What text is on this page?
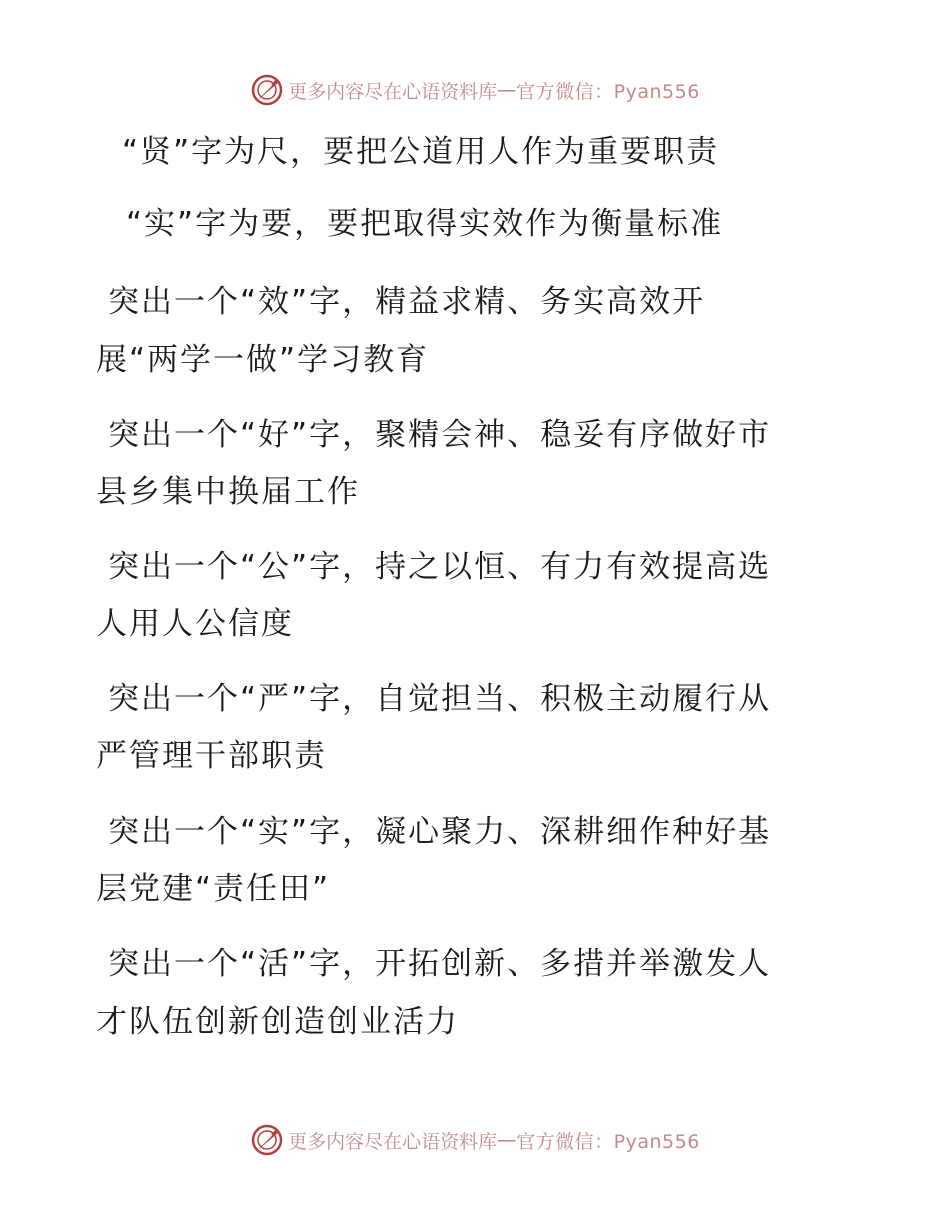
更多内容尽在心语资料库 — 官方微信：Pyan556
“贤”字为尺，要把公道用人作为重要职责
“实”字为要，要把取得实效作为衡量标准
突出一个“效”字，精益求精、务实高效开
展“两学一做”学习教育
突出一个“好”字，聚精会神、稳妥有序做好市
县乡集中换届工作
突出一个“公”字，持之以恒、有力有效提高选
人用人公信度
突出一个“严”字，自觉担当、积极主动履行从
严管理干部职责
突出一个“实”字，凝心聚力、深耕细作种好基
层党建“责任田”
突出一个“活”字，开拓创新、多措并举激发人
才队伍创新创造创业活力
更多内容尽在心语资料库 — 官方微信：Pyan556
